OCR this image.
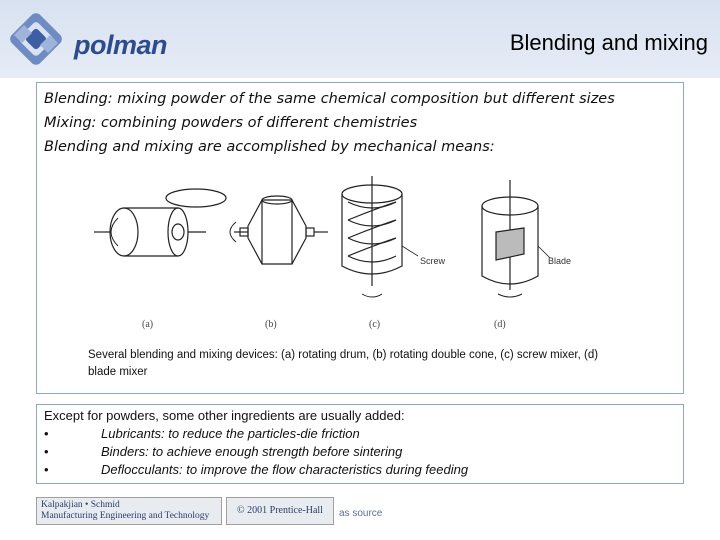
polman	Blending and mixing

Blending: mixing powder of the same chemical composition but different sizes

Mixing: combining powders of different chemistries

Blending and mixing are accomplished by mechanical means:

Screw	Blade
(a)	(b)	(c)	(d)
Several blending and mixing devices: (a) rotating drum, (b) rotating double cone, (c) screw mixer, (d) blade mixer

Except for powders, some other ingredients are usually added:

•	Lubricants: to reduce the particles-die friction
•	Binders: to achieve enough strength before sintering
•	Deflocculants: to improve the flow characteristics during feeding
Kalpakjian • Schmid
Manufacturing Engineering and Technology	© 2001 Prentice-Hall	as source
